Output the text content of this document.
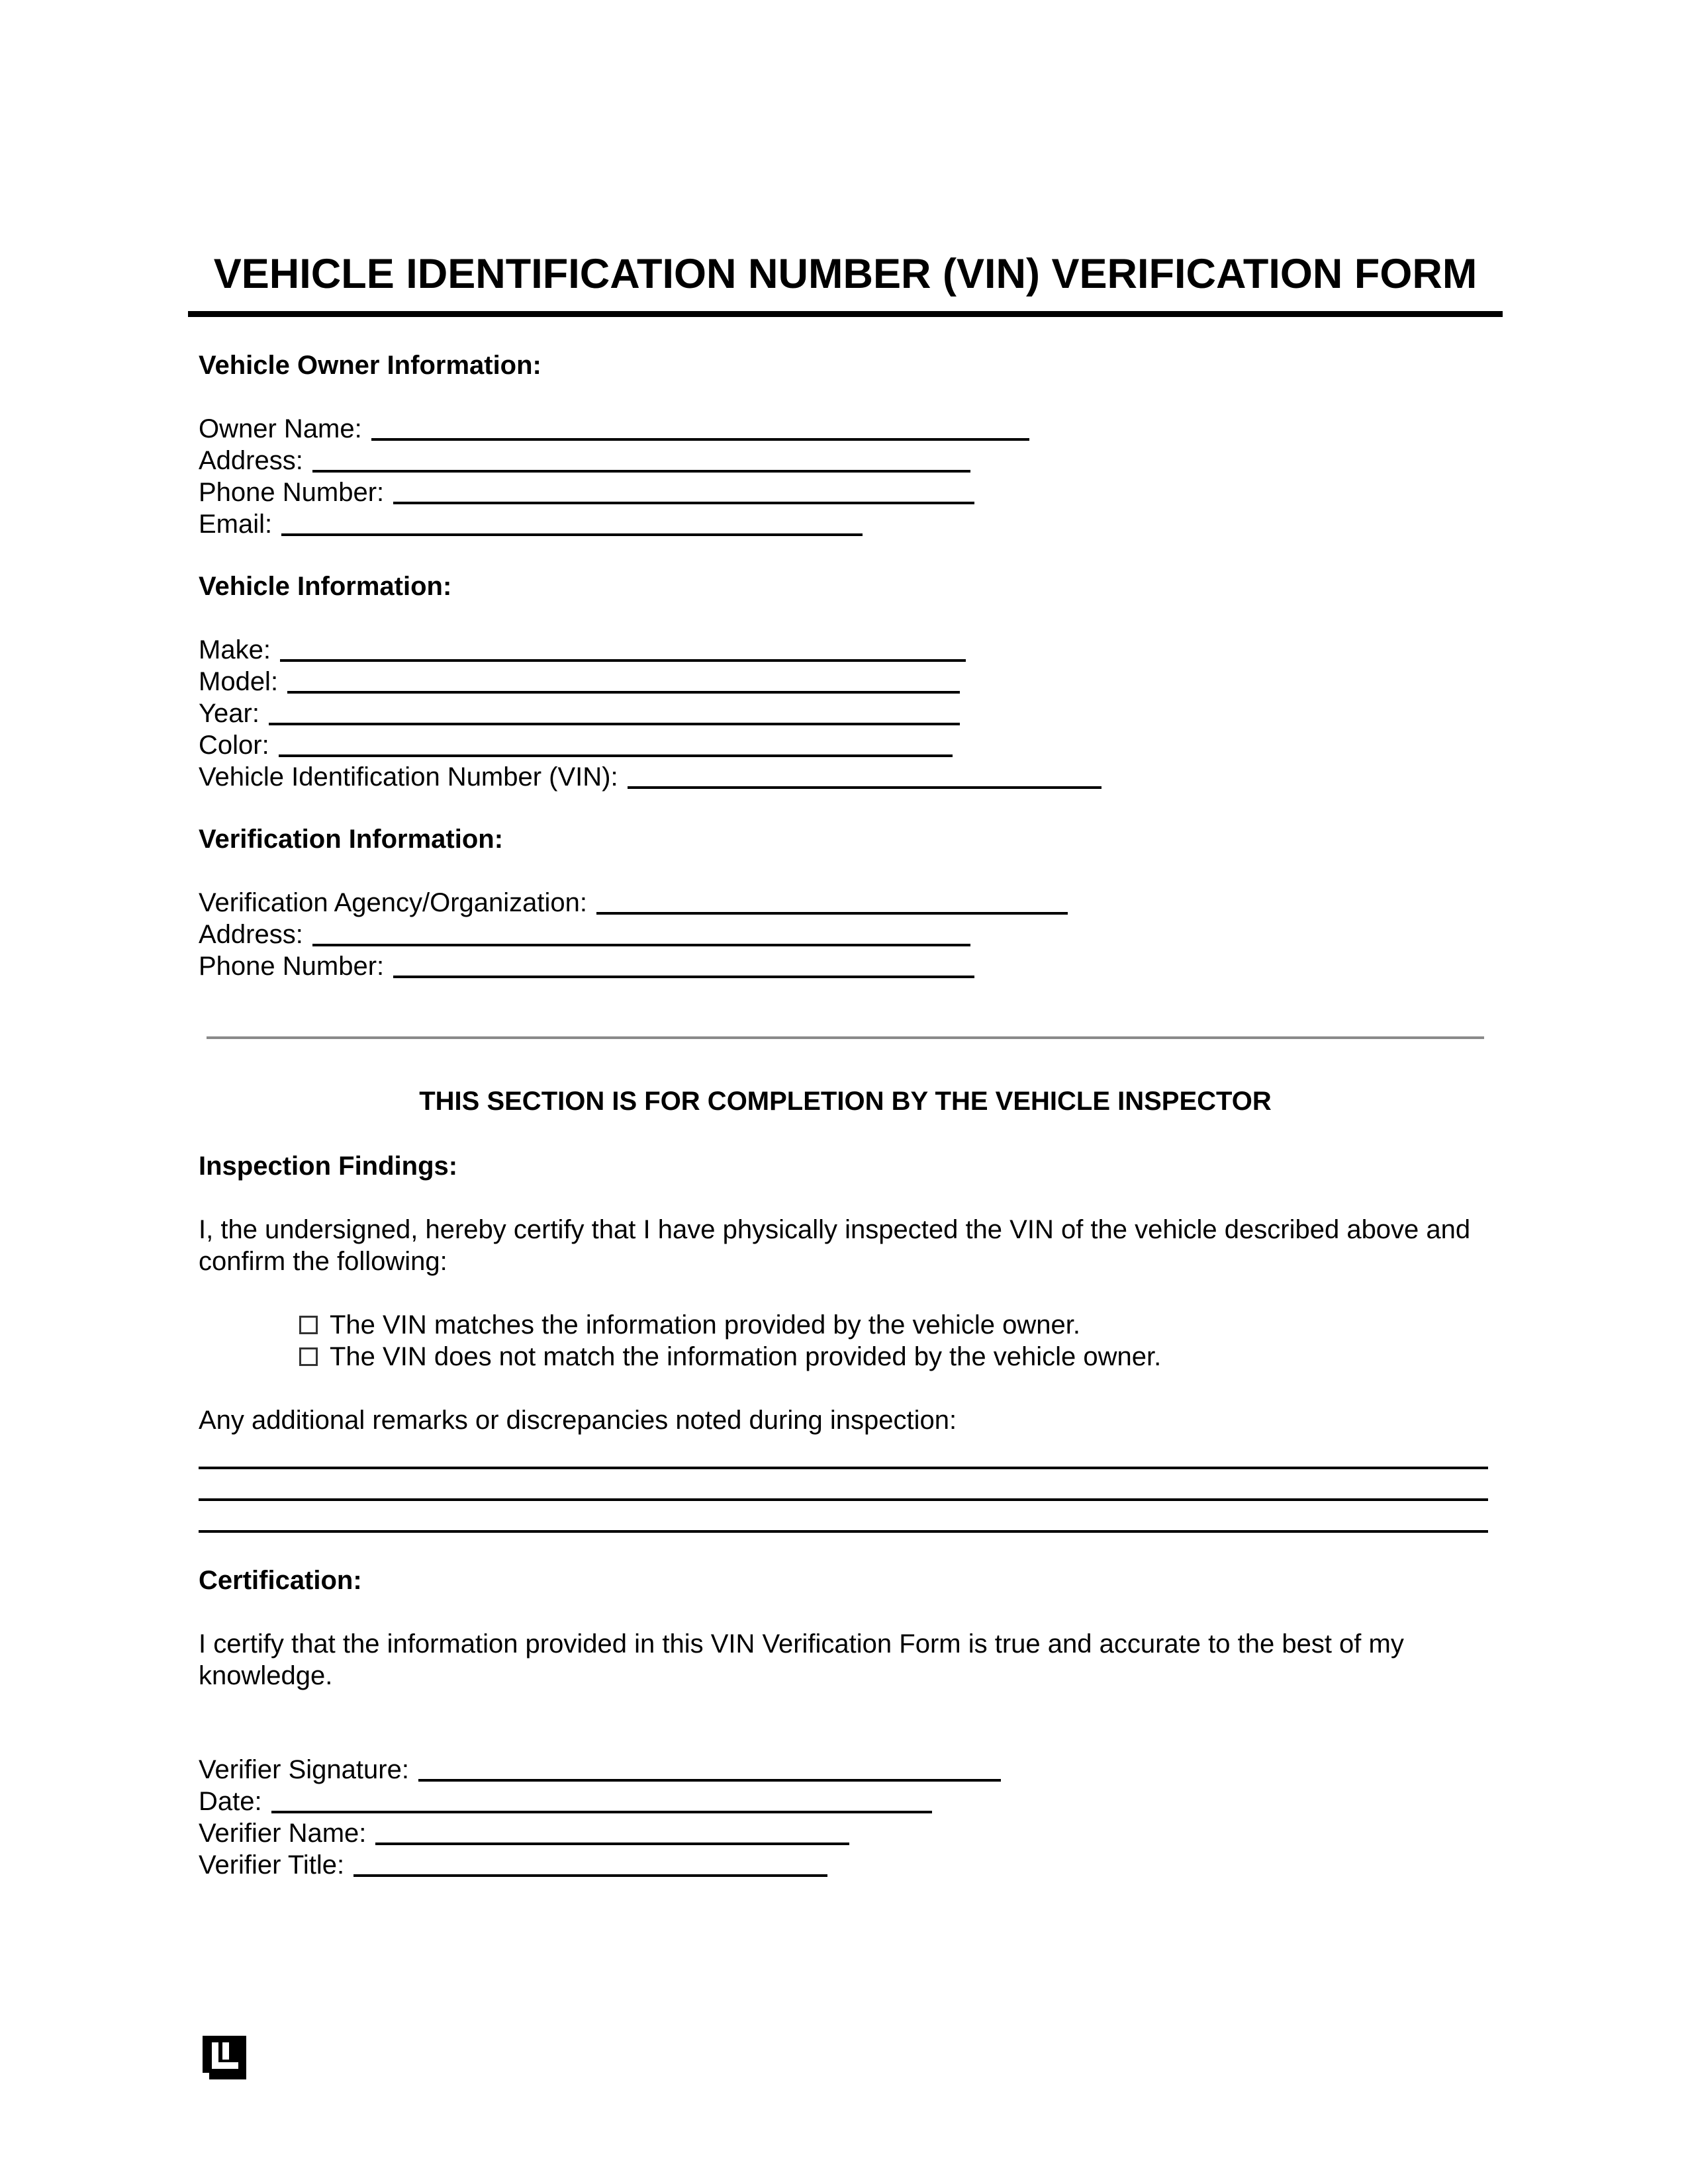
VEHICLE IDENTIFICATION NUMBER (VIN) VERIFICATION FORM
Vehicle Owner Information:
Owner Name:
Address:
Phone Number:
Email:
Vehicle Information:
Make:
Model:
Year:
Color:
Vehicle Identification Number (VIN):
Verification Information:
Verification Agency/Organization:
Address:
Phone Number:
THIS SECTION IS FOR COMPLETION BY THE VEHICLE INSPECTOR
Inspection Findings:
I, the undersigned, hereby certify that I have physically inspected the VIN of the vehicle described above and confirm the following:
The VIN matches the information provided by the vehicle owner.
The VIN does not match the information provided by the vehicle owner.
Any additional remarks or discrepancies noted during inspection:
Certification:
I certify that the information provided in this VIN Verification Form is true and accurate to the best of my knowledge.
Verifier Signature:
Date:
Verifier Name:
Verifier Title:
